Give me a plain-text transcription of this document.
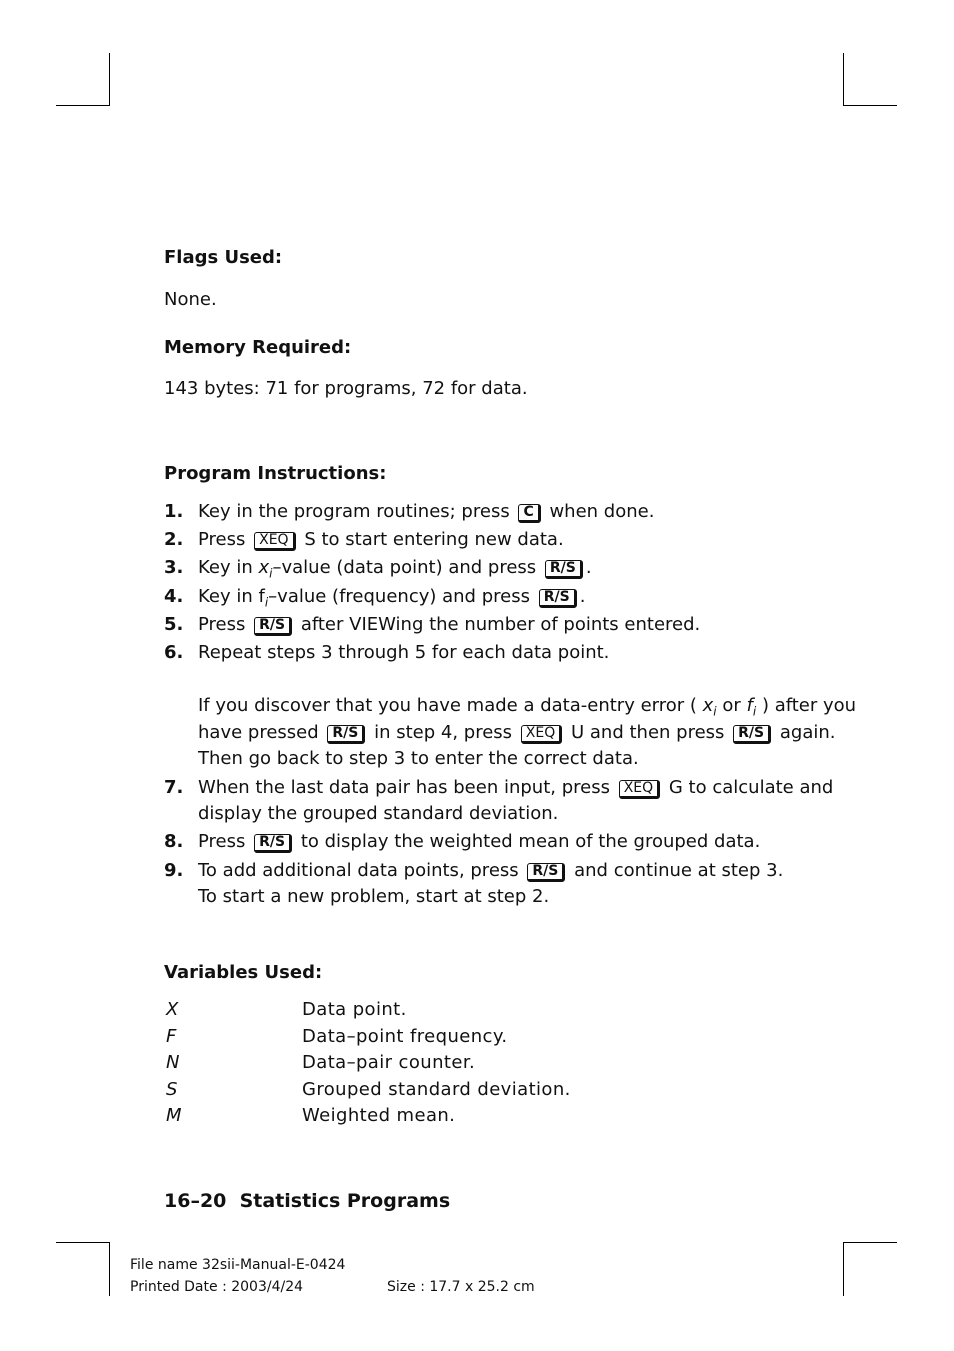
Flags Used:
None.
Memory Required:
143 bytes: 71 for programs, 72 for data.
Program Instructions:
1. Key in the program routines; press C when done.
2. Press XEQ S to start entering new data.
3. Key in $x_i$–value (data point) and press R/S .
4. Key in $f_i$–value (frequency) and press R/S .
5. Press R/S after VIEWing the number of points entered.
6. Repeat steps 3 through 5 for each data point.
If you discover that you have made a data-entry error ( $x_i$ or $f_i$ ) after you
have pressed R/S in step 4, press XEQ U and then press R/S again.
Then go back to step 3 to enter the correct data.
7. When the last data pair has been input, press XEQ G to calculate and
display the grouped standard deviation.
8. Press R/S to display the weighted mean of the grouped data.
9. To add additional data points, press R/S and continue at step 3.
To start a new problem, start at step 2.
Variables Used:
X	Data point.
F	Data–point frequency.
N	Data–pair counter.
S	Grouped standard deviation.
M	Weighted mean.
16–20  Statistics Programs
File name 32sii-Manual-E-0424
Printed Date : 2003/4/24	Size : 17.7 x 25.2 cm
